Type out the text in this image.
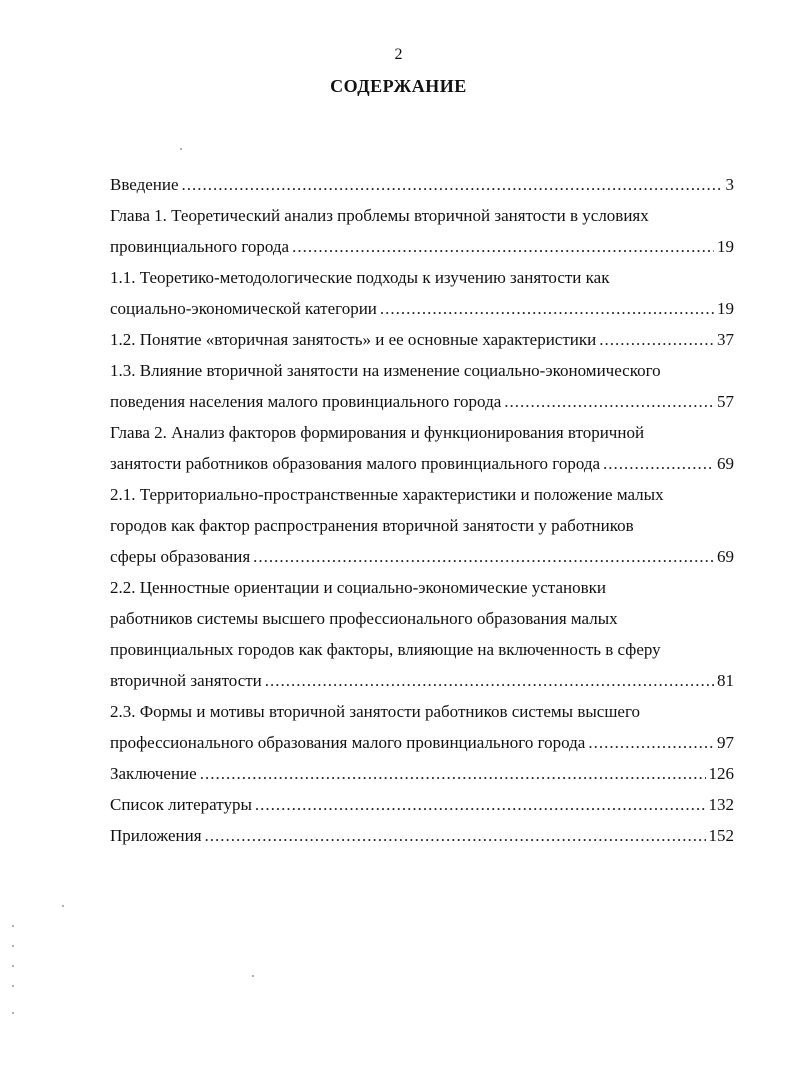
2
СОДЕРЖАНИЕ
Введение .....	3
Глава 1. Теоретический анализ проблемы вторичной занятости в условиях
провинциального города .....	19
1.1. Теоретико-методологические подходы к изучению занятости как
социально-экономической категории .....	19
1.2. Понятие «вторичная занятость» и ее основные характеристики .....	37
1.3. Влияние вторичной занятости на изменение социально-экономического
поведения населения малого провинциального города .....	57
Глава 2. Анализ факторов формирования и функционирования вторичной
занятости работников образования малого провинциального города .....	69
2.1. Территориально-пространственные характеристики и положение малых
городов как фактор распространения вторичной занятости у работников
сферы образования .....	69
2.2. Ценностные ориентации и социально-экономические установки
работников системы высшего профессионального образования малых
провинциальных городов как факторы, влияющие на включенность в сферу
вторичной занятости .....	81
2.3. Формы и мотивы вторичной занятости работников системы высшего
профессионального образования малого провинциального города .....	97
Заключение .....	126
Список литературы .....	132
Приложения .....	152
